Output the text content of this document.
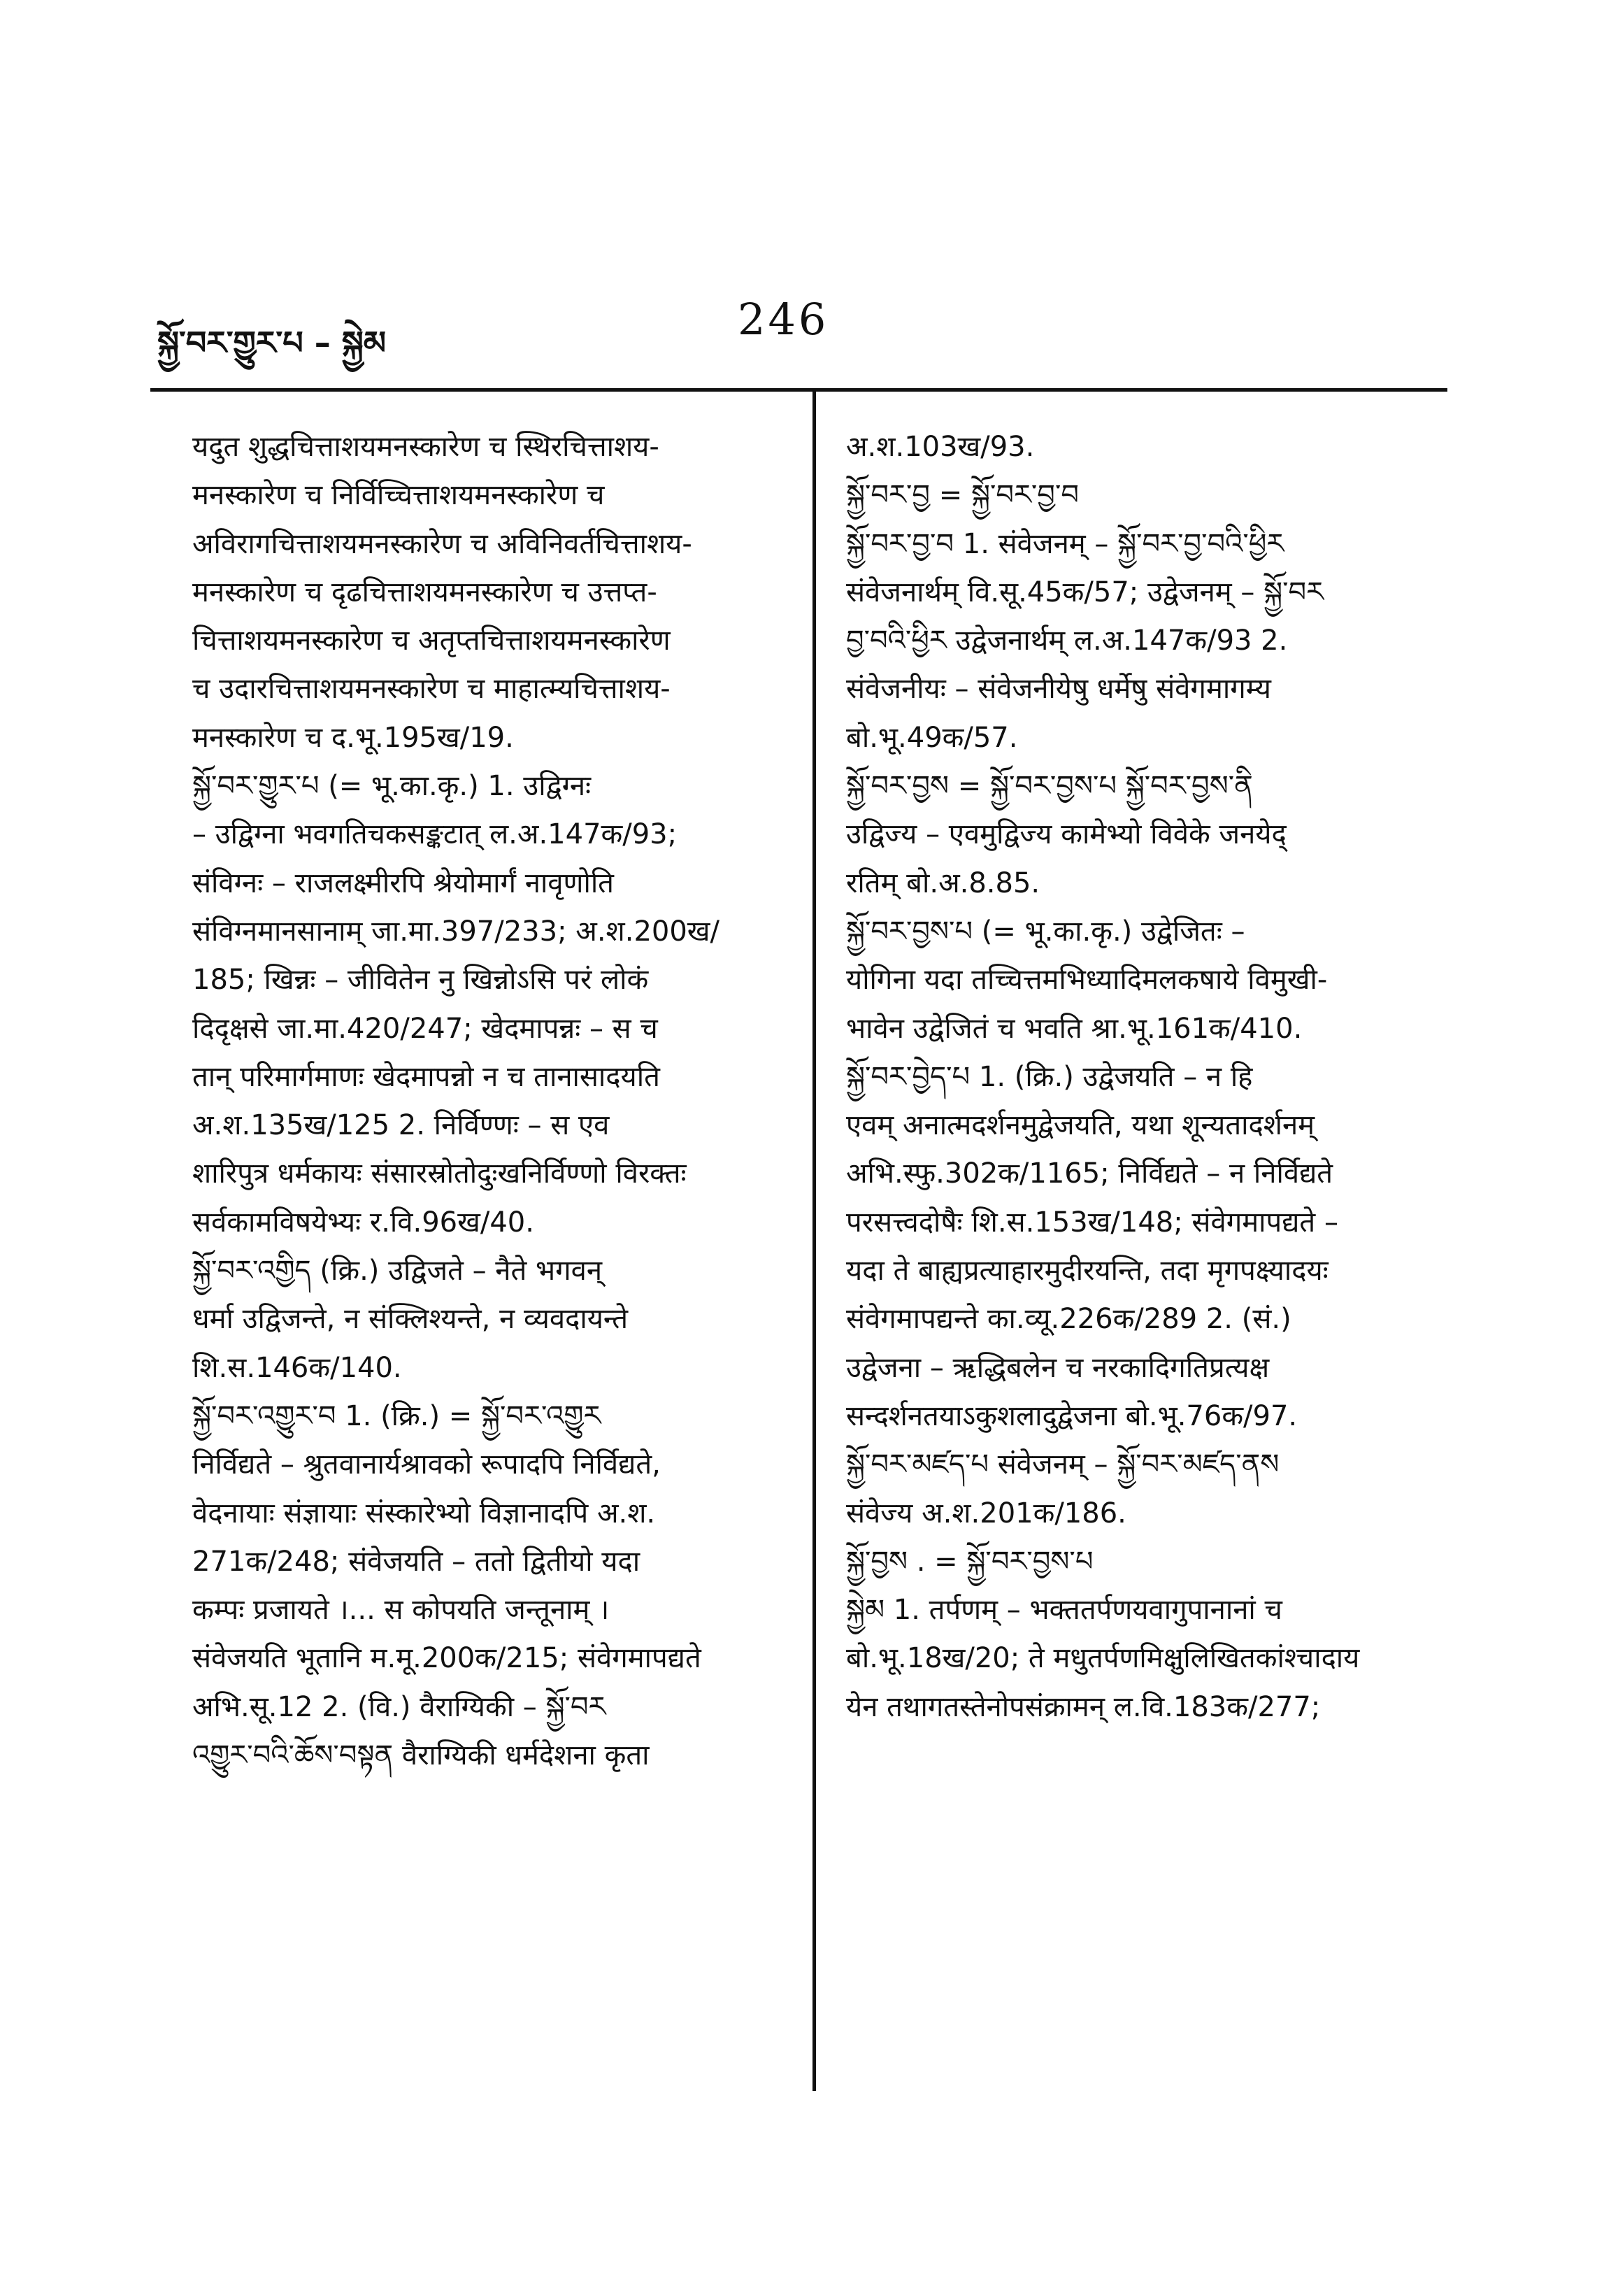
སྐྱོ་བར་གྱུར་པ – སྐྱེམ	246
यदुत शुद्धचित्ताशयमनस्कारेण च स्थिरचित्ताशय-
मनस्कारेण च निर्विच्चित्ताशयमनस्कारेण च
अविरागचित्ताशयमनस्कारेण च अविनिवर्तचित्ताशय-
मनस्कारेण च दृढचित्ताशयमनस्कारेण च उत्तप्त-
चित्ताशयमनस्कारेण च अतृप्तचित्ताशयमनस्कारेण
च उदारचित्ताशयमनस्कारेण च माहात्म्यचित्ताशय-
मनस्कारेण च द.भू.195ख/19.
སྐྱོ་བར་གྱུར་པ (= भू.का.कृ.) 1. उद्विग्नः
– उद्विग्ना भवगतिचकसङ्कटात् ल.अ.147क/93;
संविग्नः – राजलक्ष्मीरपि श्रेयोमार्गं नावृणोति
संविग्नमानसानाम् जा.मा.397/233; अ.श.200ख/
185; खिन्नः – जीवितेन नु खिन्नोऽसि परं लोकं
दिदृक्षसे जा.मा.420/247; खेदमापन्नः – स च
तान् परिमार्गमाणः खेदमापन्नो न च तानासादयति
अ.श.135ख/125 2. निर्विण्णः – स एव
शारिपुत्र धर्मकायः संसारस्रोतोदुःखनिर्विण्णो विरक्तः
सर्वकामविषयेभ्यः र.वि.96ख/40.
སྐྱོ་བར་འགྱིད (क्रि.) उद्विजते – नैते भगवन्
धर्मा उद्विजन्ते, न संक्लिश्यन्ते, न व्यवदायन्ते
शि.स.146क/140.
སྐྱོ་བར་འགྱུར་བ 1. (क्रि.) = སྐྱོ་བར་འགྱུར
निर्विद्यते – श्रुतवानार्यश्रावको रूपादपि निर्विद्यते,
वेदनायाः संज्ञायाः संस्कारेभ्यो विज्ञानादपि अ.श.
271क/248; संवेजयति – ततो द्वितीयो यदा
कम्पः प्रजायते ।... स कोपयति जन्तूनाम् ।
संवेजयति भूतानि म.मू.200क/215; संवेगमापद्यते
अभि.सू.12 2. (वि.) वैराग्यिकी – སྐྱོ་བར
འགྱུར་བའི་ཆོས་བསྟན वैराग्यिकी धर्मदेशना कृता
अ.श.103ख/93.
སྐྱོ་བར་བྱ = སྐྱོ་བར་བྱ་བ
སྐྱོ་བར་བྱ་བ 1. संवेजनम् – སྐྱོ་བར་བྱ་བའི་ཕྱིར
संवेजनार्थम् वि.सू.45क/57; उद्वेजनम् – སྐྱོ་བར
བྱ་བའི་ཕྱིར उद्वेजनार्थम् ल.अ.147क/93 2.
संवेजनीयः – संवेजनीयेषु धर्मेषु संवेगमागम्य
बो.भू.49क/57.
སྐྱོ་བར་བྱས = སྐྱོ་བར་བྱས་པ སྐྱོ་བར་བྱས་ནི
उद्विज्य – एवमुद्विज्य कामेभ्यो विवेके जनयेद्
रतिम् बो.अ.8.85.
སྐྱོ་བར་བྱས་པ (= भू.का.कृ.) उद्वेजितः –
योगिना यदा तच्चित्तमभिध्यादिमलकषाये विमुखी-
भावेन उद्वेजितं च भवति श्रा.भू.161क/410.
སྐྱོ་བར་བྱེད་པ 1. (क्रि.) उद्वेजयति – न हि
एवम् अनात्मदर्शनमुद्वेजयति, यथा शून्यतादर्शनम्
अभि.स्फु.302क/1165; निर्विद्यते – न निर्विद्यते
परसत्त्वदोषैः शि.स.153ख/148; संवेगमापद्यते –
यदा ते बाह्यप्रत्याहारमुदीरयन्ति, तदा मृगपक्ष्यादयः
संवेगमापद्यन्ते का.व्यू.226क/289 2. (सं.)
उद्वेजना – ऋद्धिबलेन च नरकादिगतिप्रत्यक्ष
सन्दर्शनतयाऽकुशलादुद्वेजना बो.भू.76क/97.
སྐྱོ་བར་མཛད་པ संवेजनम् – སྐྱོ་བར་མཛད་ནས
संवेज्य अ.श.201क/186.
སྐྱོ་བྱས . = སྐྱོ་བར་བྱས་པ
སྐྱེམ 1. तर्पणम् – भक्ततर्पणयवागुपानानां च
बो.भू.18ख/20; ते मधुतर्पणमिक्षुलिखितकांश्चादाय
येन तथागतस्तेनोपसंक्रामन् ल.वि.183क/277;
